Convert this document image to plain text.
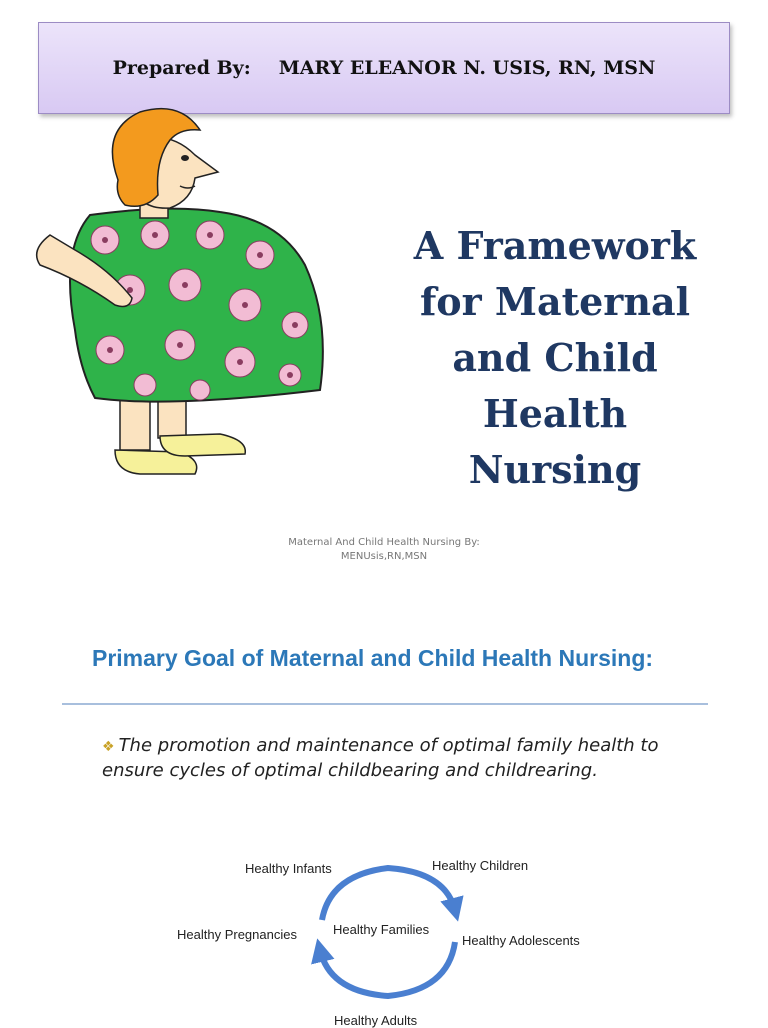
Prepared By: MARY ELEANOR N. USIS, RN, MSN
A Framework
for Maternal
and Child
Health
Nursing
Maternal And Child Health Nursing By:
MENUsis,RN,MSN
Primary Goal of Maternal and Child Health Nursing:
❖ The promotion and maintenance of optimal family health to ensure cycles of optimal childbearing and childrearing.
Healthy Infants	Healthy Children
Healthy Families
Healthy Pregnancies	Healthy Adolescents
Healthy Adults
